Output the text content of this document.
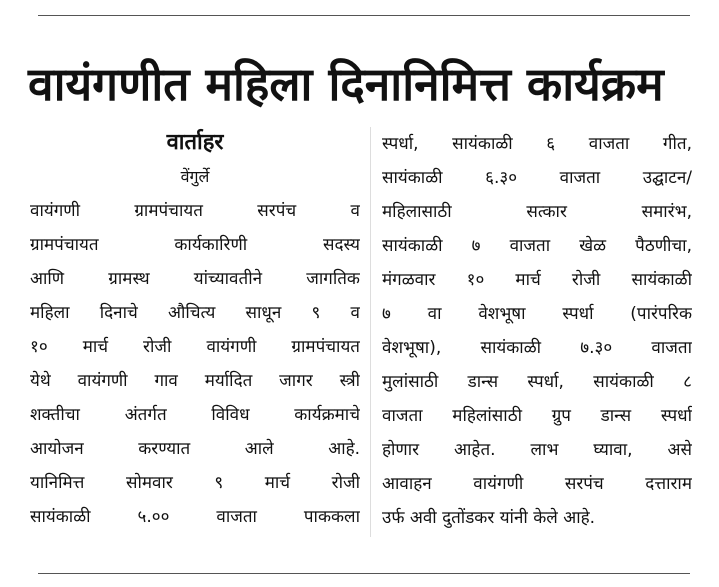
वायंगणीत महिला दिनानिमित्त कार्यक्रम
वार्ताहर
वेंगुर्ले
वायंगणी ग्रामपंचायत सरपंच व
ग्रामपंचायत कार्यकारिणी सदस्य
आणि ग्रामस्थ यांच्यावतीने जागतिक
महिला दिनाचे औचित्य साधून ९ व
१० मार्च रोजी वायंगणी ग्रामपंचायत
येथे वायंगणी गाव मर्यादित जागर स्त्री
शक्तीचा अंतर्गत विविध कार्यक्रमाचे
आयोजन करण्यात आले आहे.
यानिमित्त सोमवार ९ मार्च रोजी
सायंकाळी ५.०० वाजता पाककला
स्पर्धा, सायंकाळी ६ वाजता गीत,
सायंकाळी ६.३० वाजता उद्घाटन/
महिलासाठी सत्कार समारंभ,
सायंकाळी ७ वाजता खेळ पैठणीचा,
मंगळवार १० मार्च रोजी सायंकाळी
७ वा वेशभूषा स्पर्धा (पारंपरिक
वेशभूषा), सायंकाळी ७.३० वाजता
मुलांसाठी डान्स स्पर्धा, सायंकाळी ८
वाजता महिलांसाठी ग्रुप डान्स स्पर्धा
होणार आहेत. लाभ घ्यावा, असे
आवाहन वायंगणी सरपंच दत्ताराम
उर्फ अवी दुतोंडकर यांनी केले आहे.
